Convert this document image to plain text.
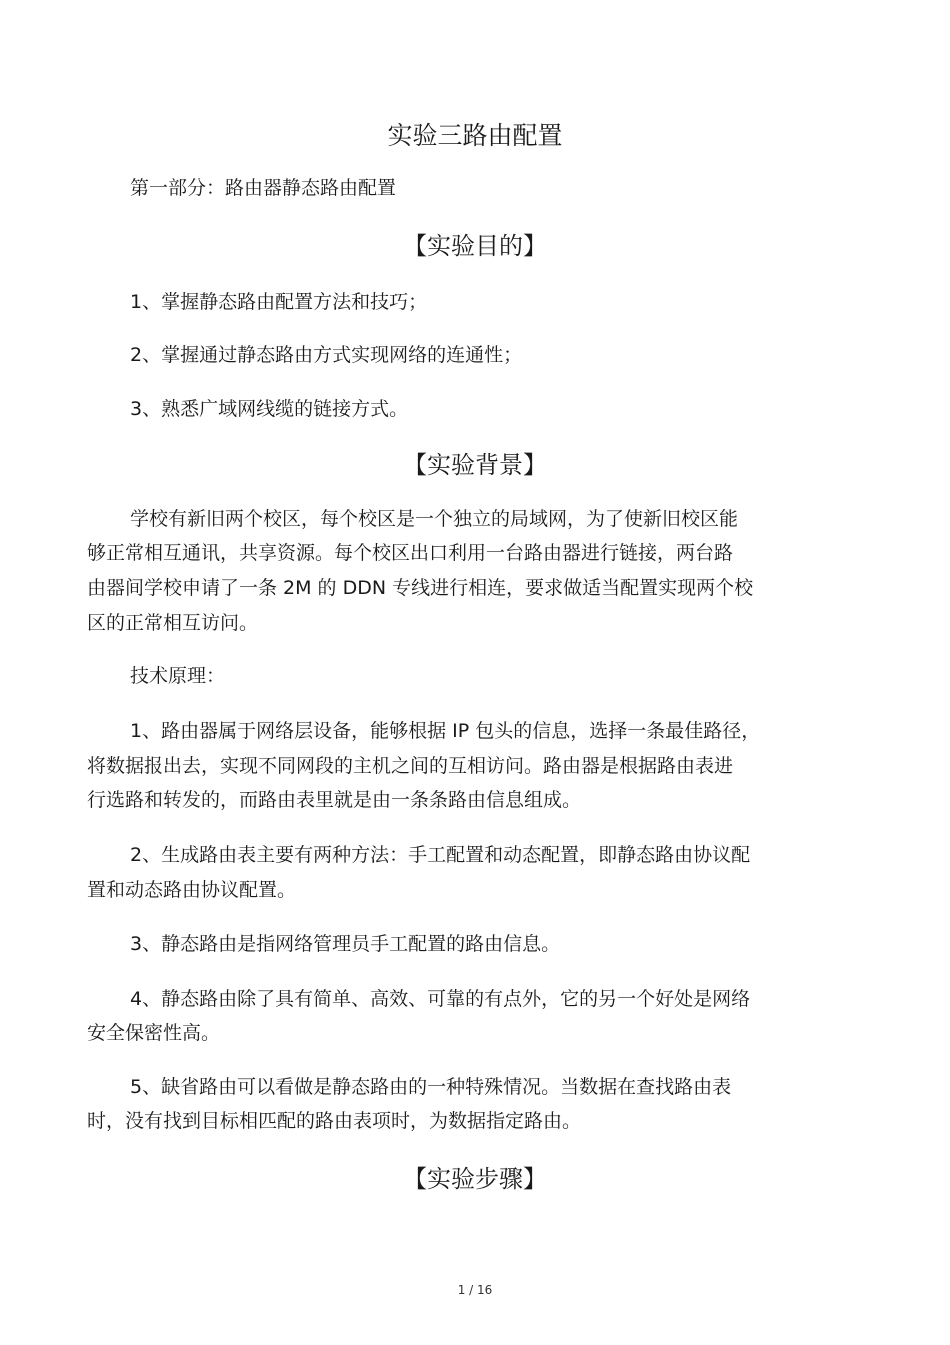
实验三路由配置
第一部分：路由器静态路由配置
【实验目的】
1、掌握静态路由配置方法和技巧；
2、掌握通过静态路由方式实现网络的连通性；
3、熟悉广域网线缆的链接方式。
【实验背景】
学校有新旧两个校区，每个校区是一个独立的局域网，为了使新旧校区能
够正常相互通讯，共享资源。每个校区出口利用一台路由器进行链接，两台路
由器间学校申请了一条 2M 的 DDN 专线进行相连，要求做适当配置实现两个校
区的正常相互访问。
技术原理：
1、路由器属于网络层设备，能够根据 IP 包头的信息，选择一条最佳路径，
将数据报出去，实现不同网段的主机之间的互相访问。路由器是根据路由表进
行选路和转发的，而路由表里就是由一条条路由信息组成。
2、生成路由表主要有两种方法：手工配置和动态配置，即静态路由协议配
置和动态路由协议配置。
3、静态路由是指网络管理员手工配置的路由信息。
4、静态路由除了具有简单、高效、可靠的有点外，它的另一个好处是网络
安全保密性高。
5、缺省路由可以看做是静态路由的一种特殊情况。当数据在查找路由表
时，没有找到目标相匹配的路由表项时，为数据指定路由。
【实验步骤】
1 / 16
